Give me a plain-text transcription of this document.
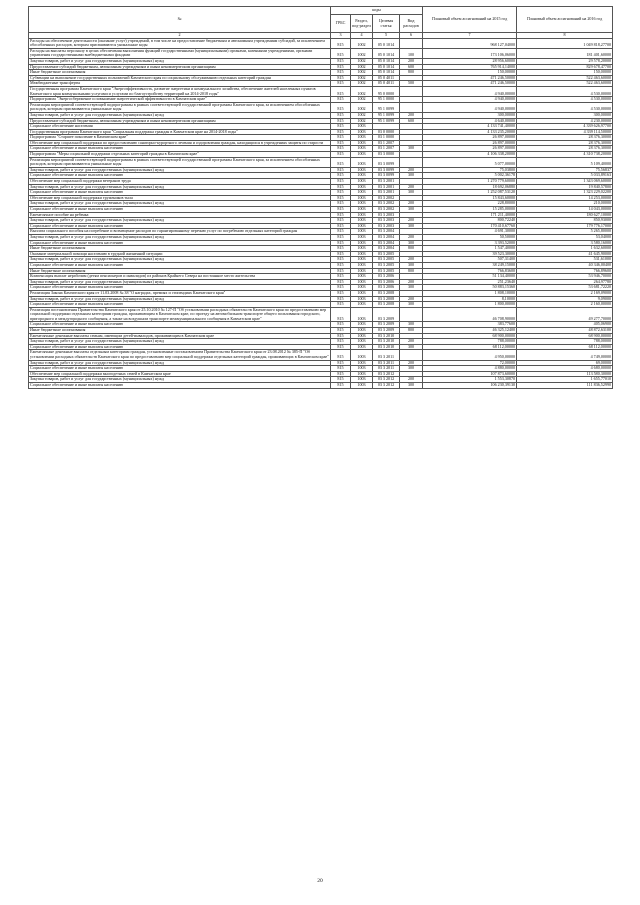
№	коды				Плановый объем ассигнований на 2015 год	Плановый объем ассигнований на 2016 год
	ГРБС	Раздел, под-раздел	Целевая статья	Вид расходов		
2	3	4	5	6	7	8
Расходы на обеспечение деятельности (оказание услуг) учреждений, в том числе на предоставление бюджетным и автономным учреждениям субсидий, за исключением обособленных расходов, которым присваиваются уникальные коды	815	1002	05 0 1014		968 127,04000	1 049 818,27700
Расходы на выплаты персоналу в целях обеспечения выполнения функций государственными (муниципальными) органами, казенными учреждениями, органами управления государственными внебюджетными фондами	815	1002	05 0 1014	100	173 106,06000	181 401,60000
Закупка товаров, работ и услуг для государственных (муниципальных) нужд	815	1002	05 0 1014	200	28 956,60000	29 578,20000
Предоставление субсидий бюджетным, автономным учреждениям и иным некоммерческим организациям	815	1002	05 0 1014	600	765 914,14000	829 678,47700
Иные бюджетные ассигнования	815	1002	05 0 1014	800	150,00000	150,00000
Субвенции на выполнение государственных полномочий Камчатского края по социальному обслуживанию отдельных категорий граждан	815	1002	05 0 4011		471 246,50000	522 463,60000
Межбюджетные трансферты	815	1002	05 0 4011	500	471 246,50000	522 463,60000
Государственная программа Камчатского края "Энергоэффективность, развитие энергетики и коммунального хозяйства, обеспечение жителей населенных пунктов Камчатского края коммунальными услугами и услугами по благоустройству территорий на 2014-2018 годы"	815	1002	95 0 0000		4 940,00000	4 530,00000
Подпрограмма "Энергосбережение и повышение энергетической эффективности в Камчатском крае"	815	1002	95 1 0000		4 940,00000	4 530,00000
Реализация мероприятий соответствующей подпрограммы в рамках соответствующей государственной программы Камчатского края, за исключением обособленных расходов, которым присваиваются уникальные коды	815	1002	95 1 0099		4 940,00000	4 530,00000
Закупка товаров, работ и услуг для государственных (муниципальных) нужд	815	1002	95 1 0099	200	300,00000	300,00000
Предоставление субсидий бюджетным, автономным учреждениям и иным некоммерческим организациям	815	1002	95 1 0099	600	4 640,00000	4 230,00000
Социальное обеспечение населения	815	1003			4 133 741,40000	4 339 626,97700
Государственная программа Камчатского края "Социальная поддержка граждан в Камчатском крае на 2014-2018 годы"	815	1003	03 0 0000		4 133 235,20000	4 339 114,50000
Подпрограмма "Старшее поколение в Камчатском крае"	815	1003	03 1 0000		26 897,00000	28 376,30000
Обеспечение мер социальной поддержки по предоставлению санаторно-курортного лечения и оздоровления граждан, находящихся в учреждениях защиты по старости	815	1003	03 1 2007		26 897,00000	28 376,30000
Социальное обеспечение и иные выплаты населению	815	1003	03 1 2007	300	26 897,00000	28 376,30000
Подпрограмма "Меры социальной поддержки отдельных категорий граждан в Камчатском крае"	815	1003	03 3 0000		4 106 338,20000	4 310 738,20000
Реализация мероприятий соответствующей подпрограммы в рамках соответствующей государственной программы Камчатского края, за исключением обособленных расходов, которым присваиваются уникальные коды	815	1003	03 3 0099		5 077,00000	5 109,40000
Закупка товаров, работ и услуг для государственных (муниципальных) нужд	815	1003	03 3 0099	200	75,03800	75,56837
Социальное обеспечение и иные выплаты населению	815	1003	03 3 0099	300	5 002,36178	5 033,89163
Обеспечение мер социальной поддержки ветеранов труда	815	1003	03 3 2001		1 270 779,60000	1 343 069,60000
Закупка товаров, работ и услуг для государственных (муниципальных) нужд	815	1003	03 3 2001	200	18 692,06880	19 840,57800
Социальное обеспечение и иные выплаты населению	815	1003	03 3 2001	300	1 252 087,53120	1 323 229,02200
Обеспечение мер социальной поддержки тружеников тыла	815	1003	03 3 2002		15 843,60000	14 253,00000
Закупка товаров, работ и услуг для государственных (муниципальных) нужд	815	1003	03 3 2002	200	228,80000	210,00000
Социальное обеспечение и иные выплаты населению	815	1003	03 3 2002	300	15 285,00000	14 043,00000
Ежемесячное пособие на ребенка	815	1003	03 3 2003		171 211,40000	180 627,10000
Закупка товаров, работ и услуг для государственных (муниципальных) нужд	815	1003	03 3 2003	200	800,72240	850,93000
Социальное обеспечение и иные выплаты населению	815	1003	03 3 2003	300	170 410,67760	179 776,17000
Выплата социального пособия на погребение и возмещение расходов по гарантированному перечню услуг по погребению отдельных категорий граждан	815	1003	03 3 2004		4 691,30000	5 265,80000
Закупка товаров, работ и услуг для государственных (муниципальных) нужд	815	1003	03 3 2004	200	50,50000	53,04000
Социальное обеспечение и иные выплаты населению	815	1003	03 3 2004	300	3 393,52000	3 580,16000
Иные бюджетные ассигнования	815	1003	03 3 2004	800	1 547,40000	1 632,60000
Оказание материальной помощи населению в трудной жизненной ситуации	815	1003	03 3 2005		39 523,30000	41 645,90000
Закупка товаров, работ и услуг для государственных (муниципальных) нужд	815	1003	03 3 2005	200	507,31400	531,61000
Социальное обеспечение и иные выплаты населению	815	1003	03 3 2005	300	38 249,15000	40 346,00400
Иные бюджетные ассигнования	815	1003	03 3 2005	800	766,83600	766,89600
Компенсация выплат нерабочим (детям пенсионеров и инвалидов) из районов Крайнего Севера на постоянное место жительства	815	1003	03 3 2006		51 134,40000	53 946,70000
Закупка товаров, работ и услуг для государственных (муниципальных) нужд	815	1003	03 3 2006	200	251,23640	264,97780
Социальное обеспечение и иные выплаты населению	815	1003	03 3 2006	300	50 883,15360	53 681,72220
Реализация Закона Камчатского края от 11.03.2008 № 38 "О наградах, премиях и стипендиях Камчатского края"	815	1003	03 3 2008		1 808,10000	2 169,09000
Закупка товаров, работ и услуг для государственных (муниципальных) нужд	815	1003	03 3 2008	200	8,10000	9,09000
Социальное обеспечение и иные выплаты населению	815	1003	03 3 2008	300	1 800,00000	2 160,00000
Реализация постановления Правительства Камчатского края от 25.10.2010 № 127-П "Об установлении расходных обязательств Камчатского края по предоставлению мер социальной поддержки отдельным категориям граждан, проживающим в Камчатском крае, по проезду на автомобильном транспорте общего пользования городского, пригородного и междугородного сообщения, а также на воздушном транспорте межмуниципального сообщения в Камчатском крае"	815	1003	03 3 2009		46 708,90000	49 277,70000
Социальное обеспечение и иные выплаты населению	815	1003	03 3 2009	300	383,77600	405,06900
Иные бюджетные ассигнования	815	1003	03 3 2009	800	46 325,12400	48 872,63100
Ежемесячные денежные выплаты семьям, имеющим детей-инвалидов, проживающим в Камчатском крае	815	1003	03 3 2010		68 900,00000	68 900,00000
Закупка товаров, работ и услуг для государственных (муниципальных) нужд	815	1003	03 3 2010	200	788,00000	788,00000
Социальное обеспечение и иные выплаты населению	815	1003	03 3 2010	300	68 112,00000	68 112,00000
Ежемесячные денежные выплаты отдельным категориям граждан, установленные постановлением Правительства Камчатского края от 23.08.2012 № 385-П "Об установлении расходных обязательств Камчатского края по предоставлению мер социальной поддержки отдельных категорий граждан, проживающих в Камчатском крае"	815	1003	03 3 2011		4 950,00000	4 749,00000
Закупка товаров, работ и услуг для государственных (муниципальных) нужд	815	1003	03 3 2011	200	72,00000	69,00000
Социальное обеспечение и иные выплаты населению	815	1003	03 3 2011	300	4 880,00000	4 680,00000
Обеспечение мер социальной поддержки многодетных семей в Камчатском крае	815	1003	03 3 2012		107 873,60000	113 580,30000
Закупка товаров, работ и услуг для государственных (муниципальных) нужд	815	1003	03 3 2012	200	1 553,30870	1 655,77010
Социальное обеспечение и иные выплаты населению	815	1003	03 3 2012	300	106 230,39130	111 836,52990
20
